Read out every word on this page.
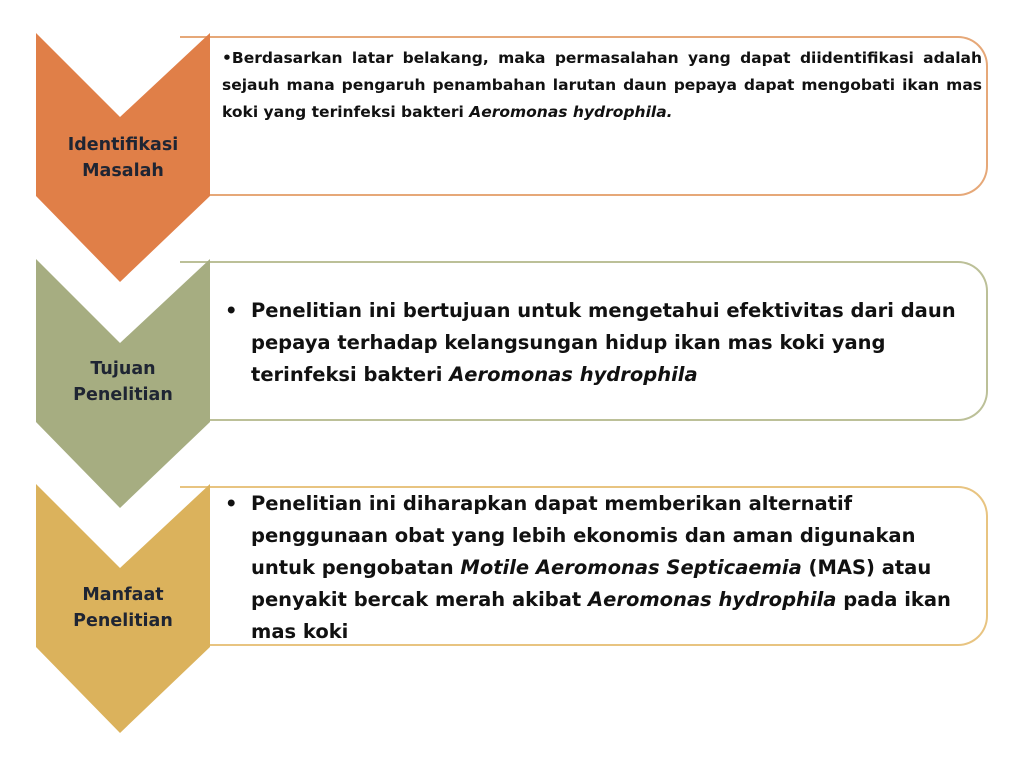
Identifikasi
Masalah
Tujuan
Penelitian
Manfaat
Penelitian
•Berdasarkan latar belakang, maka permasalahan yang dapat diidentifikasi adalah sejauh mana pengaruh penambahan larutan daun pepaya dapat mengobati ikan mas koki yang terinfeksi bakteri Aeromonas hydrophila.
• Penelitian ini bertujuan untuk mengetahui efektivitas dari daun pepaya terhadap kelangsungan hidup ikan mas koki yang terinfeksi bakteri Aeromonas hydrophila
• Penelitian ini diharapkan dapat memberikan alternatif penggunaan obat yang lebih ekonomis dan aman digunakan untuk pengobatan Motile Aeromonas Septicaemia (MAS) atau penyakit bercak merah akibat Aeromonas hydrophila pada ikan mas koki
